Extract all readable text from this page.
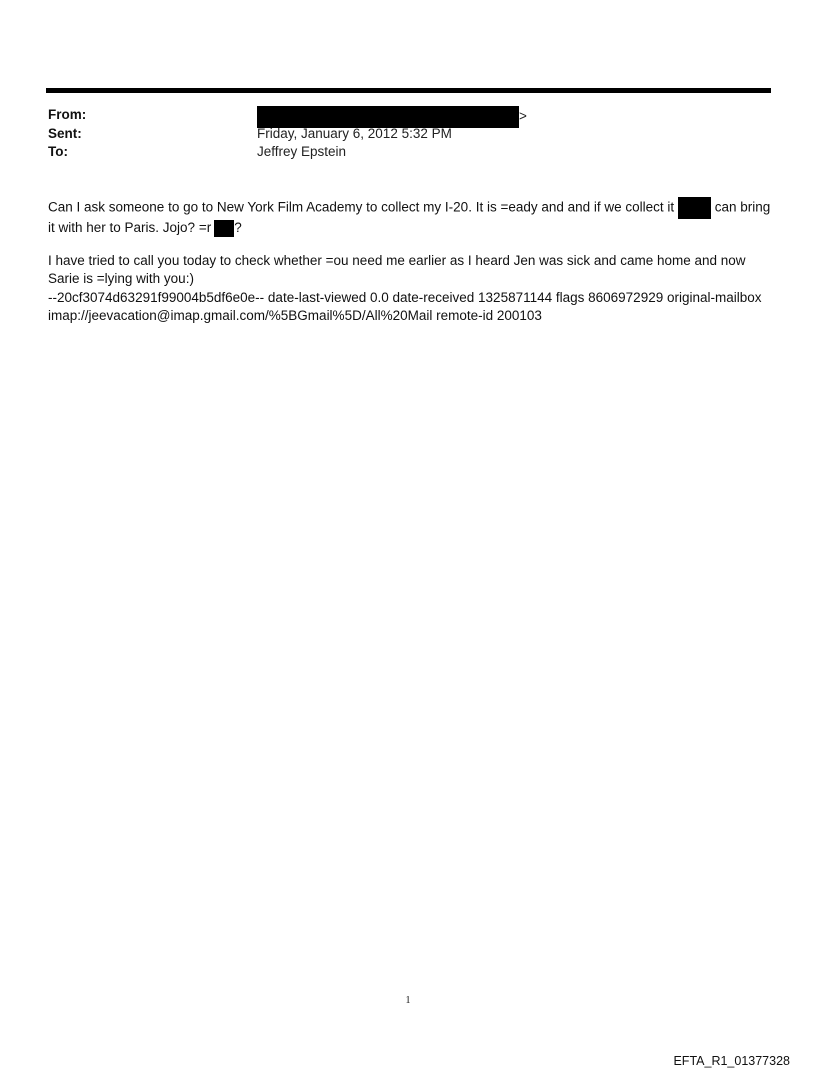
From:	>
Sent:	Friday, January 6, 2012 5:32 PM
To:	Jeffrey Epstein

Can I ask someone to go to New York Film Academy to collect my I-20. It is =eady and and if we collect it	can bring
it with her to Paris. Jojo? =r ?

I have tried to call you today to check whether =ou need me earlier as I heard Jen was sick and came home and now
Sarie is =lying with you:)
--20cf3074d63291f99004b5df6e0e-- date-last-viewed 0.0 date-received 1325871144 flags 8606972929 original-mailbox
imap://jeevacation@imap.gmail.com/%5BGmail%5D/All%20Mail remote-id 200103

1
EFTA_R1_01377328
